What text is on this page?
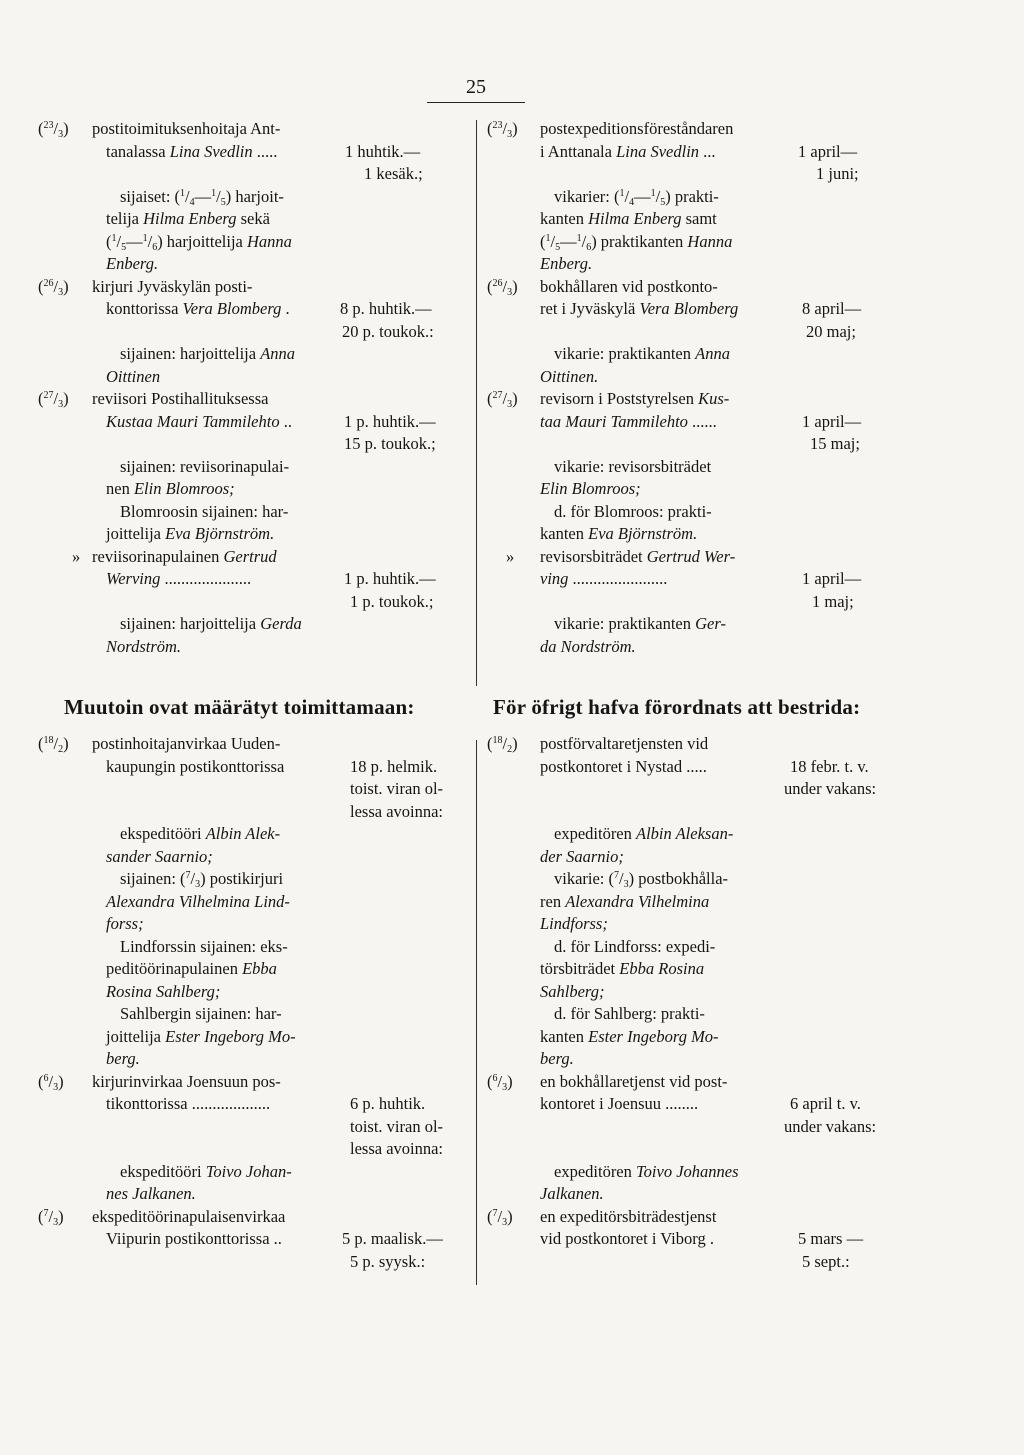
25
Muutoin ovat määrätyt toimittamaan:	För öfrigt hafva förordnats att bestrida:
$(^{23}/_3)$ postitoimituksenhoitaja Ant-
tanalassa Lina Svedlin .....	1 huhtik.—
1 kesäk.;
sijaiset: $(^1/_4—^1/_5)$ harjoit-
telija Hilma Enberg sekä
$(^1/_5—^1/_6)$ harjoittelija Hanna
Enberg.
$(^{26}/_3)$ kirjuri Jyväskylän posti-
konttorissa Vera Blomberg .	8 p. huhtik.—
20 p. toukok.:
sijainen: harjoittelija Anna
Oittinen
$(^{27}/_3)$ reviisori Postihallituksessa
Kustaa Mauri Tammilehto ..	1 p. huhtik.—
15 p. toukok.;
sijainen: reviisorinapulai-
nen Elin Blomroos;
Blomroosin sijainen: har-
joittelija Eva Björnström.
» reviisorinapulainen Gertrud
Werving .....................	1 p. huhtik.—
1 p. toukok.;
sijainen: harjoittelija Gerda
Nordström.
$(^{23}/_3)$ postexpeditionsföreståndaren
i Anttanala Lina Svedlin ...	1 april—
1 juni;
vikarier: $(^1/_4—^1/_5)$ prakti-
kanten Hilma Enberg samt
$(^1/_5—^1/_6)$ praktikanten Hanna
Enberg.
$(^{26}/_3)$ bokhållaren vid postkonto-
ret i Jyväskylä Vera Blomberg	8 april—
20 maj;
vikarie: praktikanten Anna
Oittinen.
$(^{27}/_3)$ revisorn i Poststyrelsen Kus-
taa Mauri Tammilehto ......	1 april—
15 maj;
vikarie: revisorsbiträdet
Elin Blomroos;
d. för Blomroos: prakti-
kanten Eva Björnström.
» revisorsbiträdet Gertrud Wer-
ving .......................	1 april—
1 maj;
vikarie: praktikanten Ger-
da Nordström.
$(^{18}/_2)$ postinhoitajanvirkaa Uuden-
kaupungin postikonttorissa	18 p. helmik.
toist. viran ol-
lessa avoinna:
ekspeditööri Albin Alek-
sander Saarnio;
sijainen: $(^7/_3)$ postikirjuri
Alexandra Vilhelmina Lind-
forss;
Lindforssin sijainen: eks-
peditöörinapulainen Ebba
Rosina Sahlberg;
Sahlbergin sijainen: har-
joittelija Ester Ingeborg Mo-
berg.
$(^6/_3)$ kirjurinvirkaa Joensuun pos-
tikonttorissa ...................	6 p. huhtik.
toist. viran ol-
lessa avoinna:
ekspeditööri Toivo Johan-
nes Jalkanen.
$(^7/_3)$ ekspeditöörinapulaisenvirkaa
Viipurin postikonttorissa ..	5 p. maalisk.—
5 p. syysk.:
$(^{18}/_2)$ postförvaltaretjensten vid
postkontoret i Nystad .....	18 febr. t. v.
under vakans:
expeditören Albin Aleksan-
der Saarnio;
vikarie: $(^7/_3)$ postbokhålla-
ren Alexandra Vilhelmina
Lindforss;
d. för Lindforss: expedi-
törsbiträdet Ebba Rosina
Sahlberg;
d. för Sahlberg: prakti-
kanten Ester Ingeborg Mo-
berg.
$(^6/_3)$ en bokhållaretjenst vid post-
kontoret i Joensuu ........	6 april t. v.
under vakans:
expeditören Toivo Johannes
Jalkanen.
$(^7/_3)$ en expeditörsbiträdestjenst
vid postkontoret i Viborg .	5 mars —
5 sept.:
